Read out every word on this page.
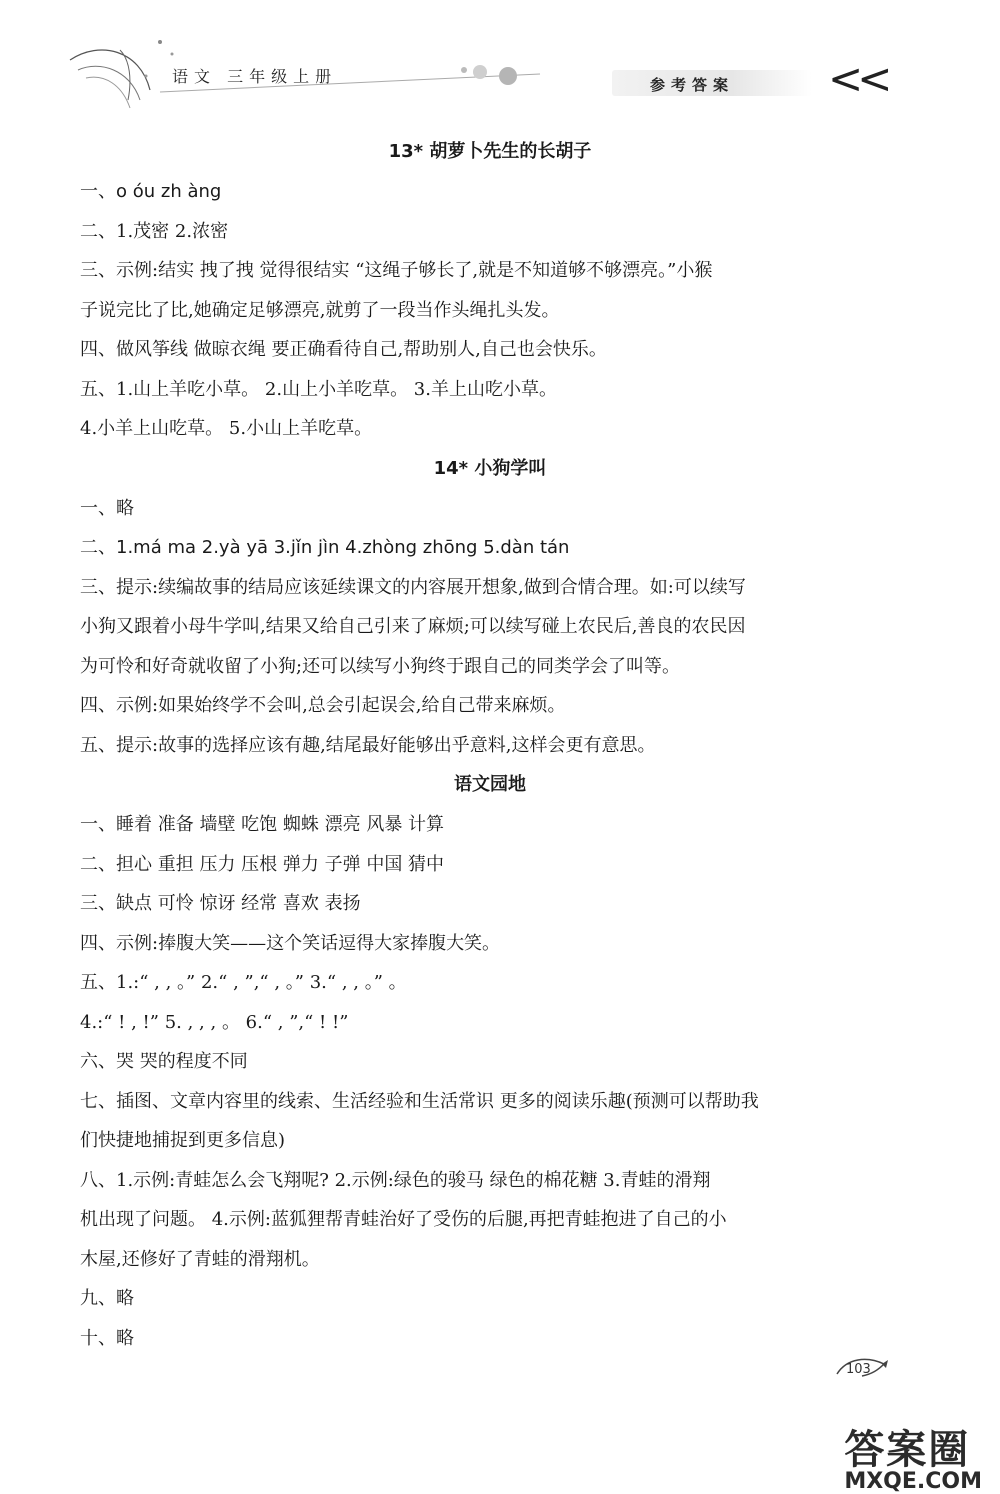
语文 三年级上册	参考答案 <<

13* 胡萝卜先生的长胡子

一、o óu zh àng

二、1.茂密 2.浓密

三、示例:结实 拽了拽 觉得很结实 “这绳子够长了,就是不知道够不够漂亮。”小猴

子说完比了比,她确定足够漂亮,就剪了一段当作头绳扎头发。

四、做风筝线 做晾衣绳 要正确看待自己,帮助别人,自己也会快乐。

五、1.山上羊吃小草。 2.山上小羊吃草。 3.羊上山吃小草。

4.小羊上山吃草。 5.小山上羊吃草。

14* 小狗学叫

一、略

二、1.má ma 2.yà yā 3.jǐn jìn 4.zhòng zhōng 5.dàn tán

三、提示:续编故事的结局应该延续课文的内容展开想象,做到合情合理。如:可以续写

小狗又跟着小母牛学叫,结果又给自己引来了麻烦;可以续写碰上农民后,善良的农民因

为可怜和好奇就收留了小狗;还可以续写小狗终于跟自己的同类学会了叫等。

四、示例:如果始终学不会叫,总会引起误会,给自己带来麻烦。

五、提示:故事的选择应该有趣,结尾最好能够出乎意料,这样会更有意思。

语文园地

一、睡着 准备 墙壁 吃饱 蜘蛛 漂亮 风暴 计算

二、担心 重担 压力 压根 弹力 子弹 中国 猜中

三、缺点 可怜 惊讶 经常 喜欢 表扬

四、示例:捧腹大笑——这个笑话逗得大家捧腹大笑。

五、1.:“ , , 。” 2.“ , ”,“ , 。” 3.“ , , 。” 。

4.:“ ! , !” 5. , , , 。 6.“ , ”,“ ! !”

六、哭 哭的程度不同

七、插图、文章内容里的线索、生活经验和生活常识 更多的阅读乐趣(预测可以帮助我

们快捷地捕捉到更多信息)

八、1.示例:青蛙怎么会飞翔呢? 2.示例:绿色的骏马 绿色的棉花糖 3.青蛙的滑翔

机出现了问题。 4.示例:蓝狐狸帮青蛙治好了受伤的后腿,再把青蛙抱进了自己的小

木屋,还修好了青蛙的滑翔机。

九、略

十、略

103
答案圈
MXQE.COM
